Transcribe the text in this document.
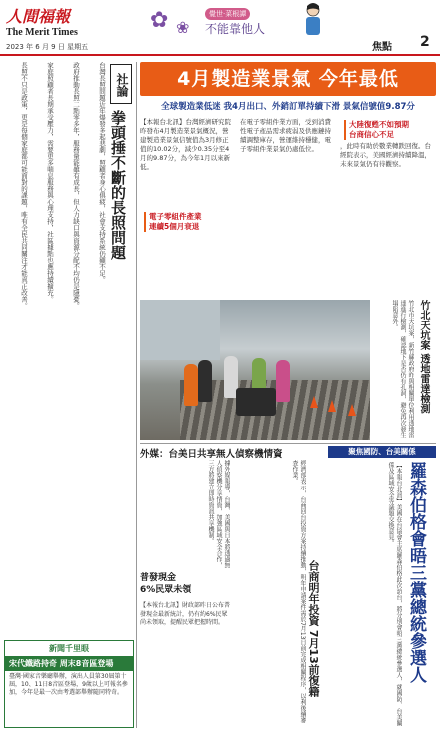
人間福報
The Merit Times
2023 年 6 月 9 日 星期五
✿ ❀
覺世·菜根譚
不能靠他人
焦點 2
社論
拳頭捶不斷的長照問題
台灣長照問題近年爆發多起悲劇，照顧者身心俱疲，社會支持系統仍顯不足。
政府推動長照二點零多年，服務量能雖有成長，但人力缺口與資源分配不均仍是隱憂。
家庭照顧者長期承受壓力，需要更多喘息服務與心理支持，社區據點也應持續擴充。
長照不只是政策，更是每個家庭都可能面對的課題，唯有全民共同關注才能真正改善。
新聞千里眼
宋代鐵路持奇 周末8音區登場
臺灣·國家音樂廳舉辦，演出人員第30屆第十屆，10、11日8音區登場，9歲以上可報名參加，今年是最一次由考選部舉辦隨同特奇。
4月製造業景氣 今年最低
全球製造業低迷 我4月出口、外銷訂單持續下滑 景氣信號值9.87分
【本報台北訊】台灣經濟研究院昨發布4月製造業景氣概況，營建製造業景氣信號值為3月修正值的10.02分，減少0.35分至4月的9.87分，為今年1月以來新低。
在電子零組件業方面，受到消費性電子產品需求疲弱及供應鏈持續調整庫存，營運維持穩健，電子零組件業景氣仍處低位。	，此時有助於數業轉跌回復。台經院表示，美國經濟持續降溫，未來景氣仍有待觀察。
電子零組件產業
連續5個月衰退
大陸復甦不如預期
台商信心不足
竹北天坑案 透地雷達檢測
竹北市天坑案，新竹縣政府昨與相關單位利用透地雷達進行檢測，確認地下是否仍有孔洞，避免再次發生塌陷意外。
外媒：台美日共享無人偵察機情資
據外媒報導，台灣、美國與日本將透過無人偵察機分享情資，加強區域安全合作，三方將建立即時資訊共享機制。
普發現金
6%民眾未領
【本報台北訊】財政部昨日公布普發現金最新統計，仍有約6%民眾尚未領取，提醒民眾把握時間。	經濟部表示，台商回台投資方案持續推動，明年申請案件需於7月13日前完成相關程序，以利後續審查作業。
台商明年投資 7月13前復籍
聚焦國防、台美關係
【本報台北訊】美國在台協會主席羅森伯格此次訪台，將分別會晤三黨總統參選人，就國防、台美關係及區域安全等議題交換意見。 羅森伯格會晤三黨總統參選人
